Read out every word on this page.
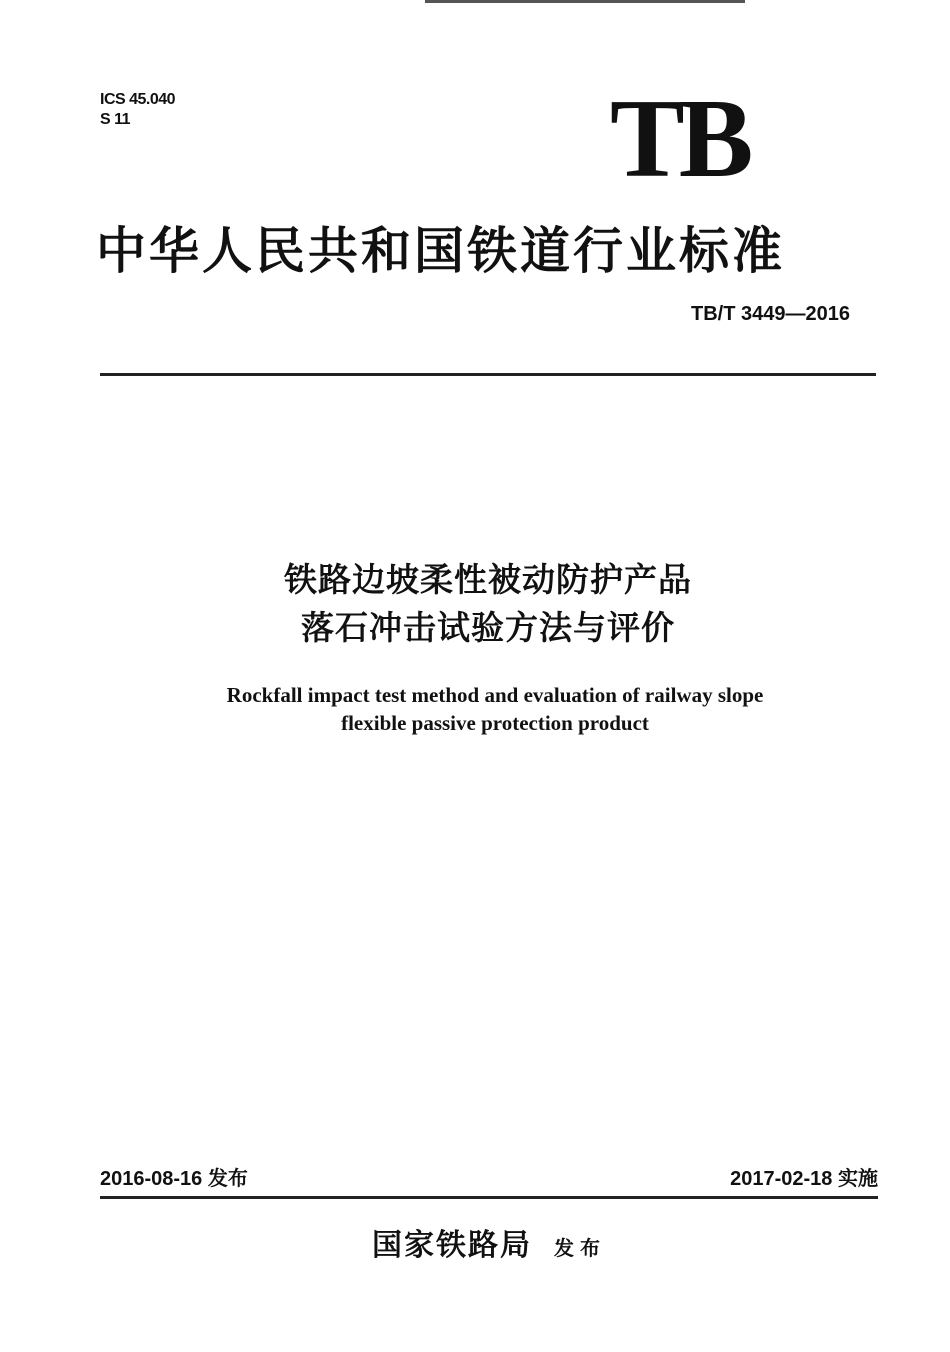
ICS 45.040
S 11	TB
中华人民共和国铁道行业标准
TB/T 3449—2016
铁路边坡柔性被动防护产品
落石冲击试验方法与评价
Rockfall impact test method and evaluation of railway slope
flexible passive protection product
2016-08-16 发布	2017-02-18 实施
国家铁路局 发布
